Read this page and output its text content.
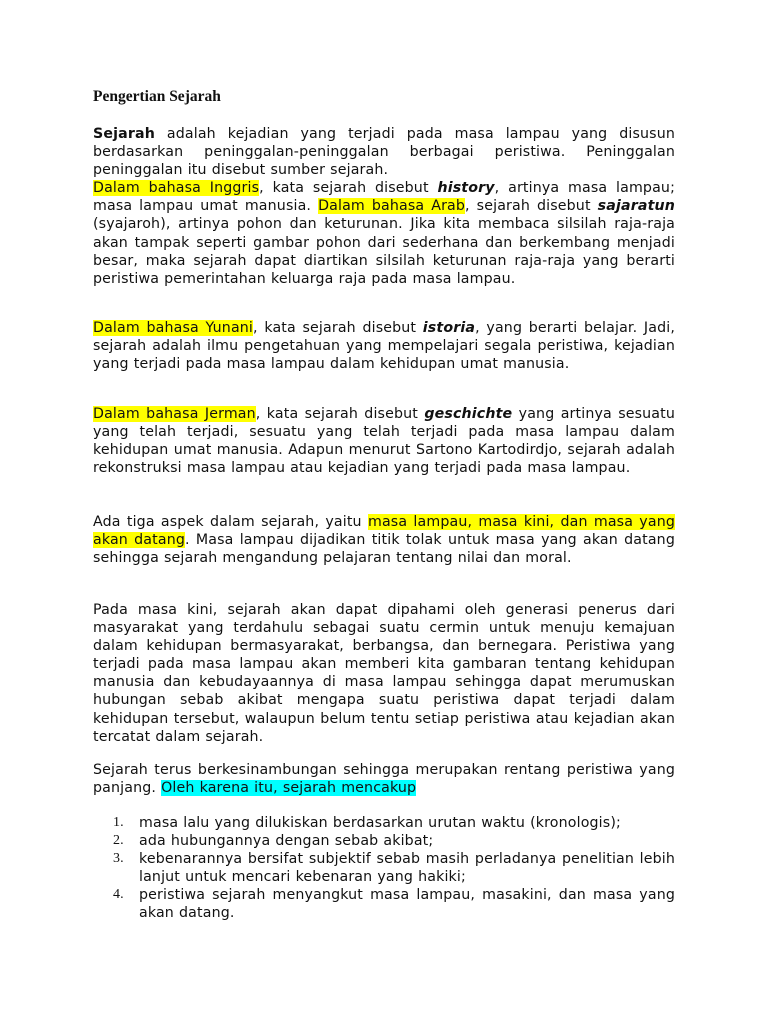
Pengertian Sejarah

Sejarah adalah kejadian yang terjadi pada masa lampau yang disusun berdasarkan peninggalan-peninggalan berbagai peristiwa. Peninggalan peninggalan itu disebut sumber sejarah.
Dalam bahasa Inggris, kata sejarah disebut history, artinya masa lampau; masa lampau umat manusia. Dalam bahasa Arab, sejarah disebut sajaratun (syajaroh), artinya pohon dan keturunan. Jika kita membaca silsilah raja-raja akan tampak seperti gambar pohon dari sederhana dan berkembang menjadi besar, maka sejarah dapat diartikan silsilah keturunan raja-raja yang berarti peristiwa pemerintahan keluarga raja pada masa lampau.

Dalam bahasa Yunani, kata sejarah disebut istoria, yang berarti belajar. Jadi, sejarah adalah ilmu pengetahuan yang mempelajari segala peristiwa, kejadian yang terjadi pada masa lampau dalam kehidupan umat manusia.

Dalam bahasa Jerman, kata sejarah disebut geschichte yang artinya sesuatu yang telah terjadi, sesuatu yang telah terjadi pada masa lampau dalam kehidupan umat manusia. Adapun menurut Sartono Kartodirdjo, sejarah adalah rekonstruksi masa lampau atau kejadian yang terjadi pada masa lampau.

Ada tiga aspek dalam sejarah, yaitu masa lampau, masa kini, dan masa yang akan datang. Masa lampau dijadikan titik tolak untuk masa yang akan datang sehingga sejarah mengandung pelajaran tentang nilai dan moral.

Pada masa kini, sejarah akan dapat dipahami oleh generasi penerus dari masyarakat yang terdahulu sebagai suatu cermin untuk menuju kemajuan dalam kehidupan bermasyarakat, berbangsa, dan bernegara. Peristiwa yang terjadi pada masa lampau akan memberi kita gambaran tentang kehidupan manusia dan kebudayaannya di masa lampau sehingga dapat merumuskan hubungan sebab akibat mengapa suatu peristiwa dapat terjadi dalam kehidupan tersebut, walaupun belum tentu setiap peristiwa atau kejadian akan tercatat dalam sejarah.

Sejarah terus berkesinambungan sehingga merupakan rentang peristiwa yang panjang. Oleh karena itu, sejarah mencakup

1. masa lalu yang dilukiskan berdasarkan urutan waktu (kronologis);
2. ada hubungannya dengan sebab akibat;
3. kebenarannya bersifat subjektif sebab masih perladanya penelitian lebih lanjut untuk mencari kebenaran yang hakiki;
4. peristiwa sejarah menyangkut masa lampau, masakini, dan masa yang akan datang.
